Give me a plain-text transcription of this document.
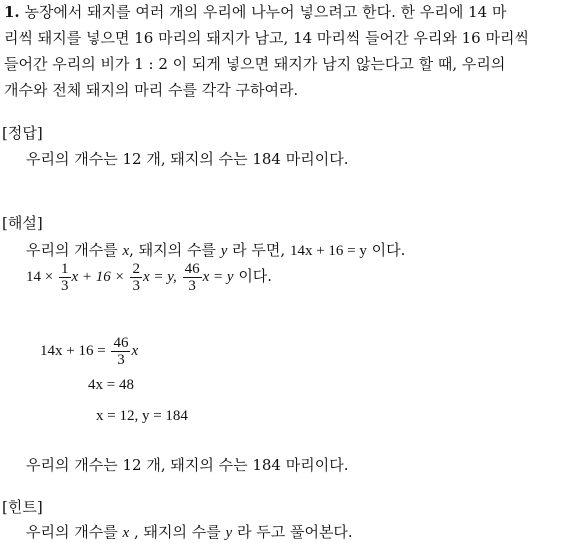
1. 농장에서 돼지를 여러 개의 우리에 나누어 넣으려고 한다. 한 우리에 14 마
리씩 돼지를 넣으면 16 마리의 돼지가 남고, 14 마리씩 들어간 우리와 16 마리씩
들어간 우리의 비가 1 : 2 이 되게 넣으면 돼지가 남지 않는다고 할 때, 우리의
개수와 전체 돼지의 마리 수를 각각 구하여라.
[정답]
우리의 개수는 12 개, 돼지의 수는 184 마리이다.
[해설]
우리의 개수를 x, 돼지의 수를 y 라 두면, 14x + 16 = y 이다.
$14 \times \frac{1}{3}$ $x + 16 \times \frac{2}{3}$ x = y, $\frac{46}{3}$ x = y 이다.
$14x + 16 = \frac{46}{3}$ x
4x = 48
x = 12, y = 184
우리의 개수는 12 개, 돼지의 수는 184 마리이다.
[힌트]
우리의 개수를 x , 돼지의 수를 y 라 두고 풀어본다.
